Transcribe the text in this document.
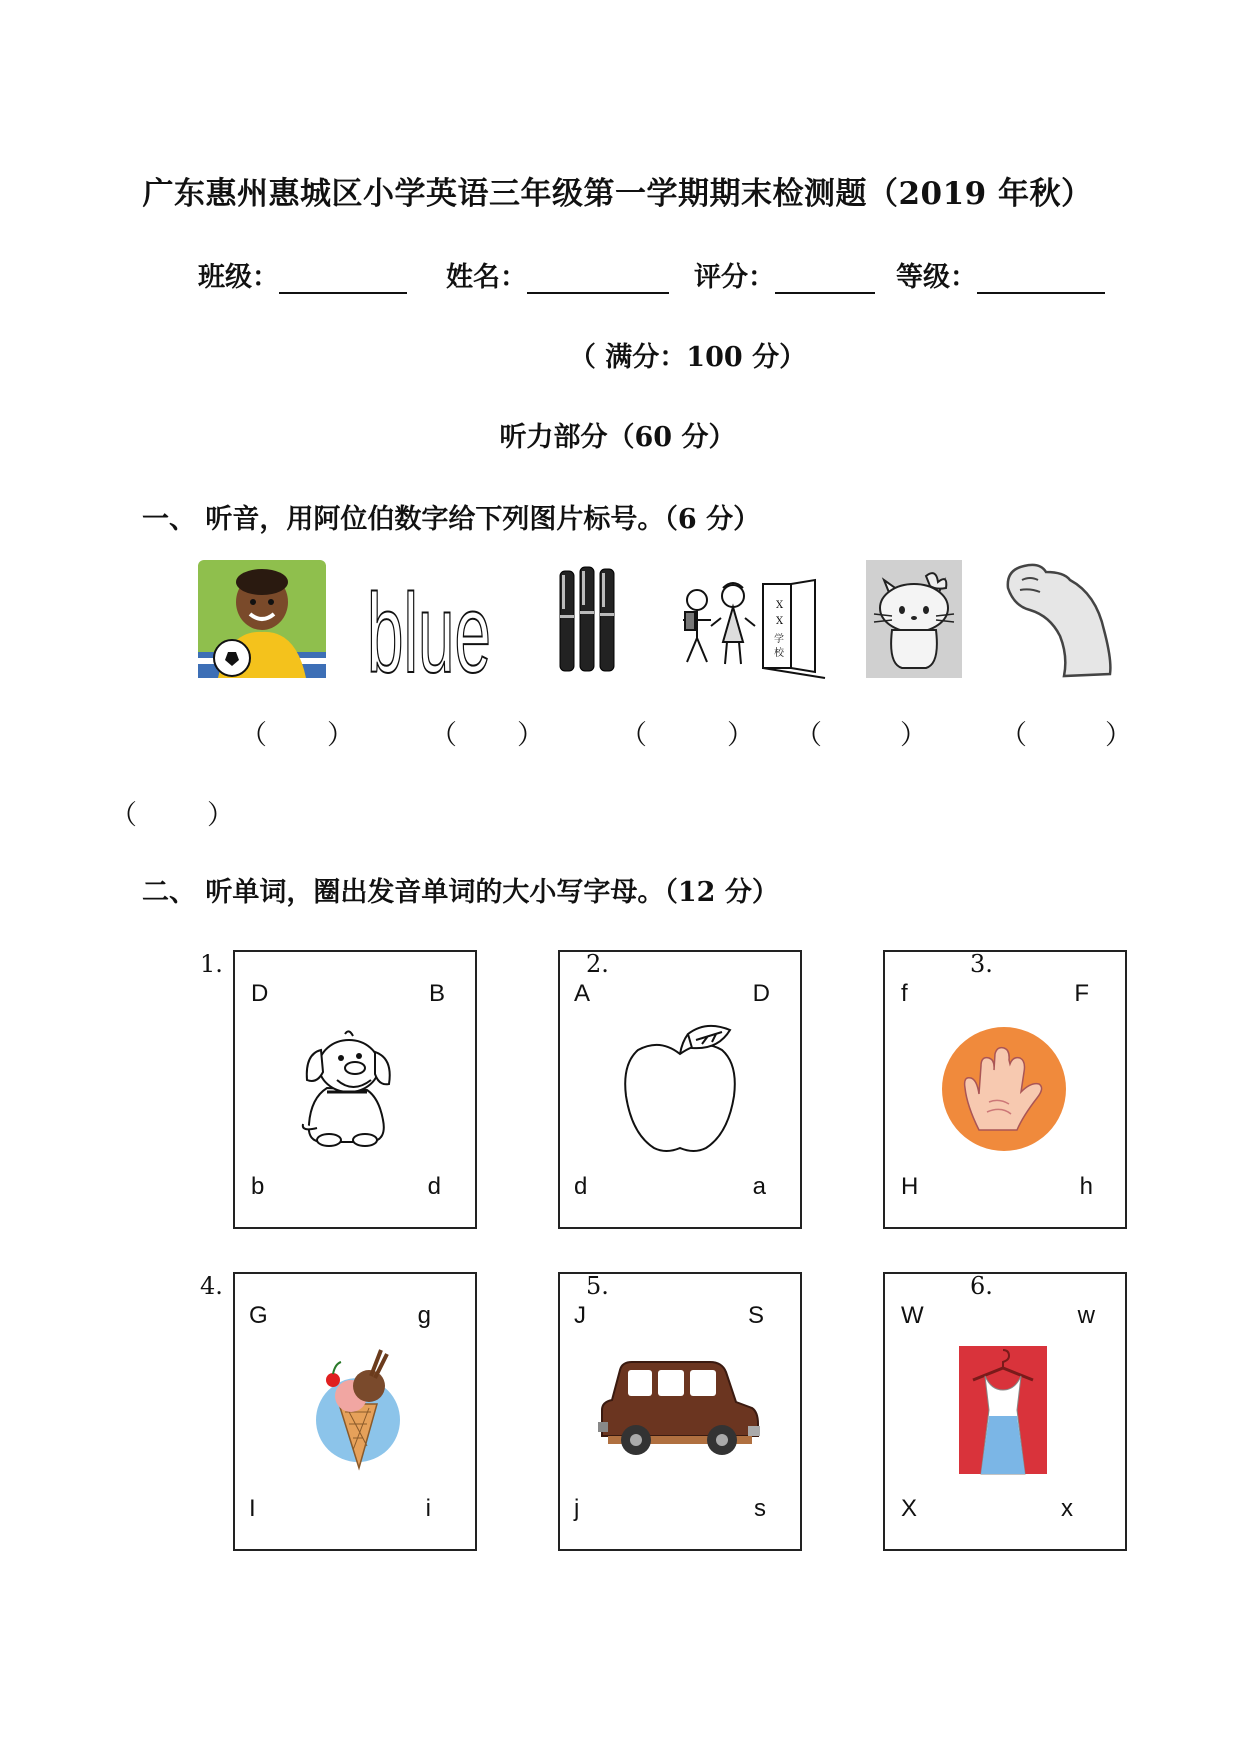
广东惠州惠城区小学英语三年级第一学期期末检测题（2019 年秋）
班级：	姓名：	评分：	等级：
（ 满分：100 分）
听力部分（60 分）
一、 听音，用阿位伯数字给下列图片标号。（6 分）
blue	X
X
学
校
（ ）	（ ）	（	） （	）	（	）
（	）
二、 听单词，圈出发音单词的大小写字母。（12 分）
1.
D	B
b	d
2.
A	D
d	a
3.
f	F
H	h
4.
G	g
I	i
5.
J	S
j	s
6.
W	w
X	x
